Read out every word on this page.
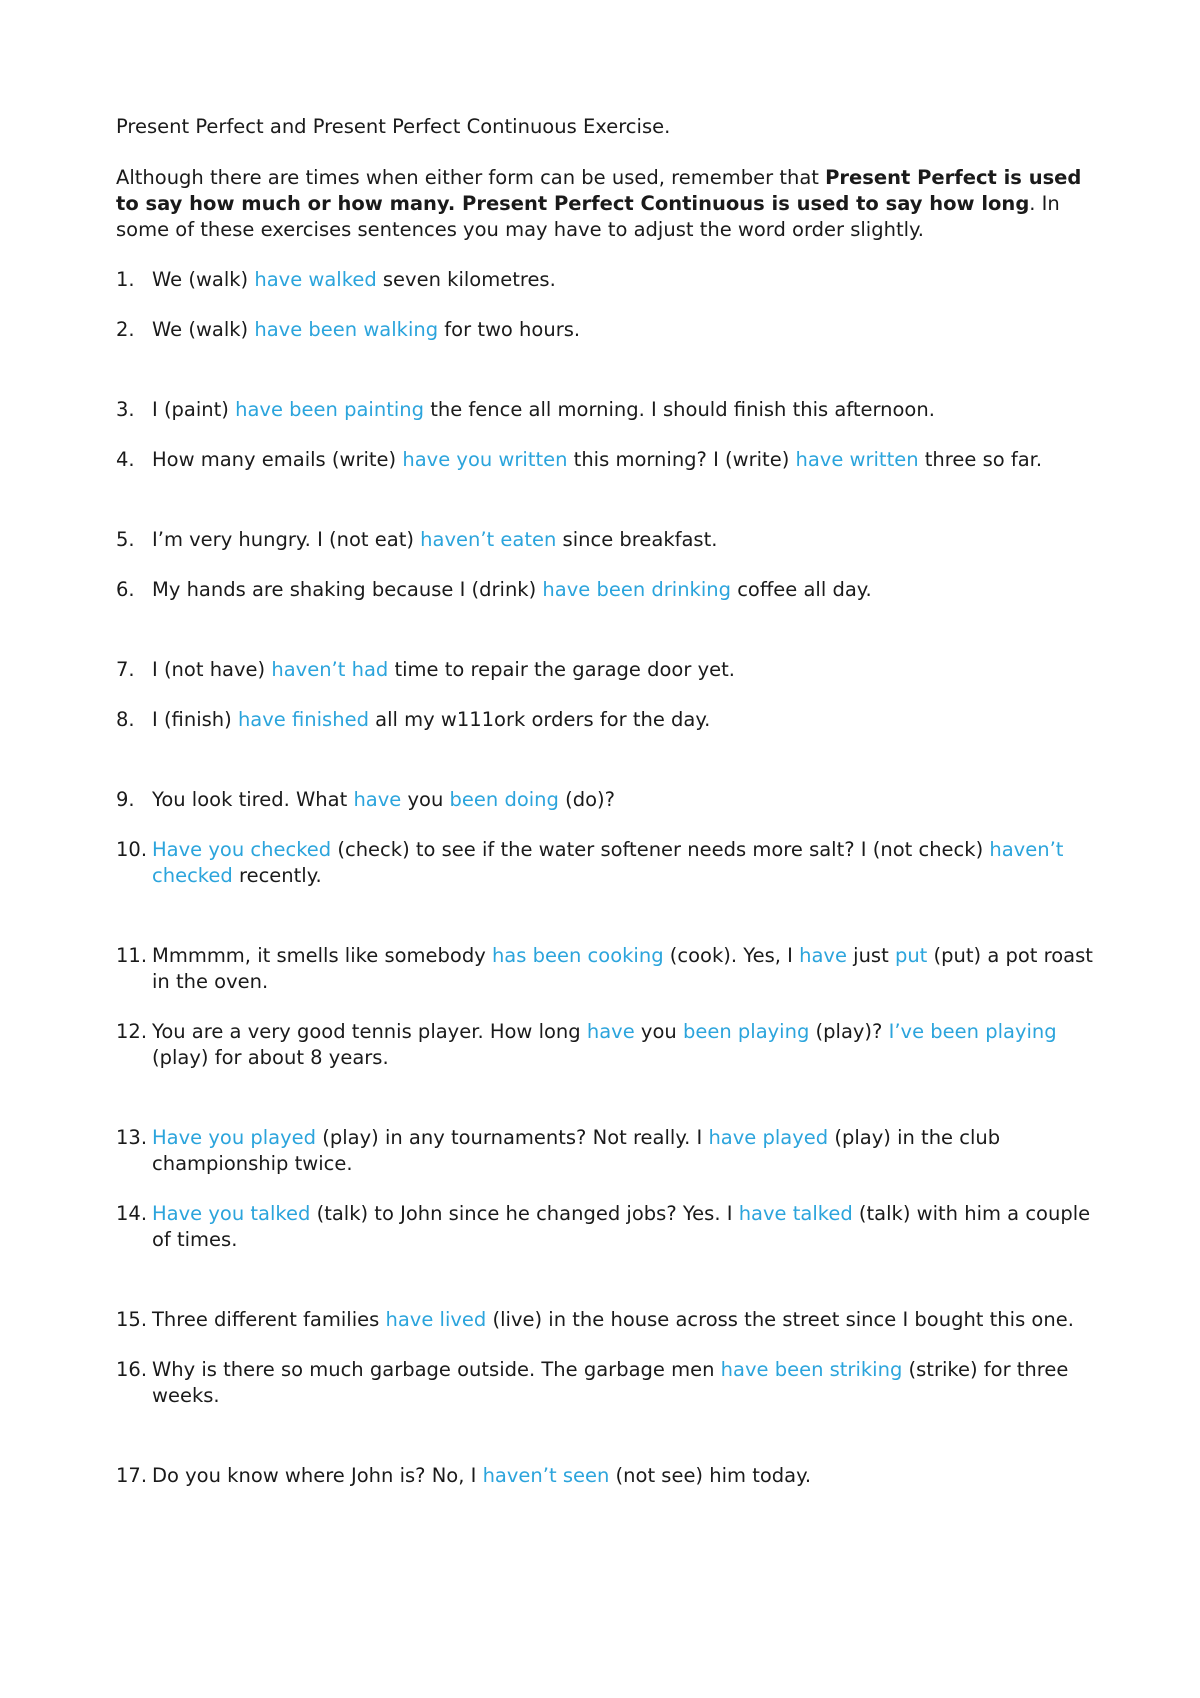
Present Perfect and Present Perfect Continuous Exercise.

Although there are times when either form can be used, remember that Present Perfect is used to say how much or how many. Present Perfect Continuous is used to say how long. In some of these exercises sentences you may have to adjust the word order slightly.

1. We (walk) have walked seven kilometres.
2. We (walk) have been walking for two hours.
3. I (paint) have been painting the fence all morning. I should finish this afternoon.
4. How many emails (write) have you written this morning? I (write) have written three so far.
5. I’m very hungry. I (not eat) haven’t eaten since breakfast.
6. My hands are shaking because I (drink) have been drinking coffee all day.
7. I (not have) haven’t had time to repair the garage door yet.
8. I (finish) have finished all my w111ork orders for the day.
9. You look tired. What have you been doing (do)?
10. Have you checked (check) to see if the water softener needs more salt? I (not check) haven’t checked recently.
11. Mmmmm, it smells like somebody has been cooking (cook). Yes, I have just put (put) a pot roast in the oven.
12. You are a very good tennis player. How long have you been playing (play)? I’ve been playing (play) for about 8 years.
13. Have you played (play) in any tournaments? Not really. I have played (play) in the club championship twice.
14. Have you talked (talk) to John since he changed jobs? Yes. I have talked (talk) with him a couple of times.
15. Three different families have lived (live) in the house across the street since I bought this one.
16. Why is there so much garbage outside. The garbage men have been striking (strike) for three weeks.
17. Do you know where John is? No, I haven’t seen (not see) him today.
